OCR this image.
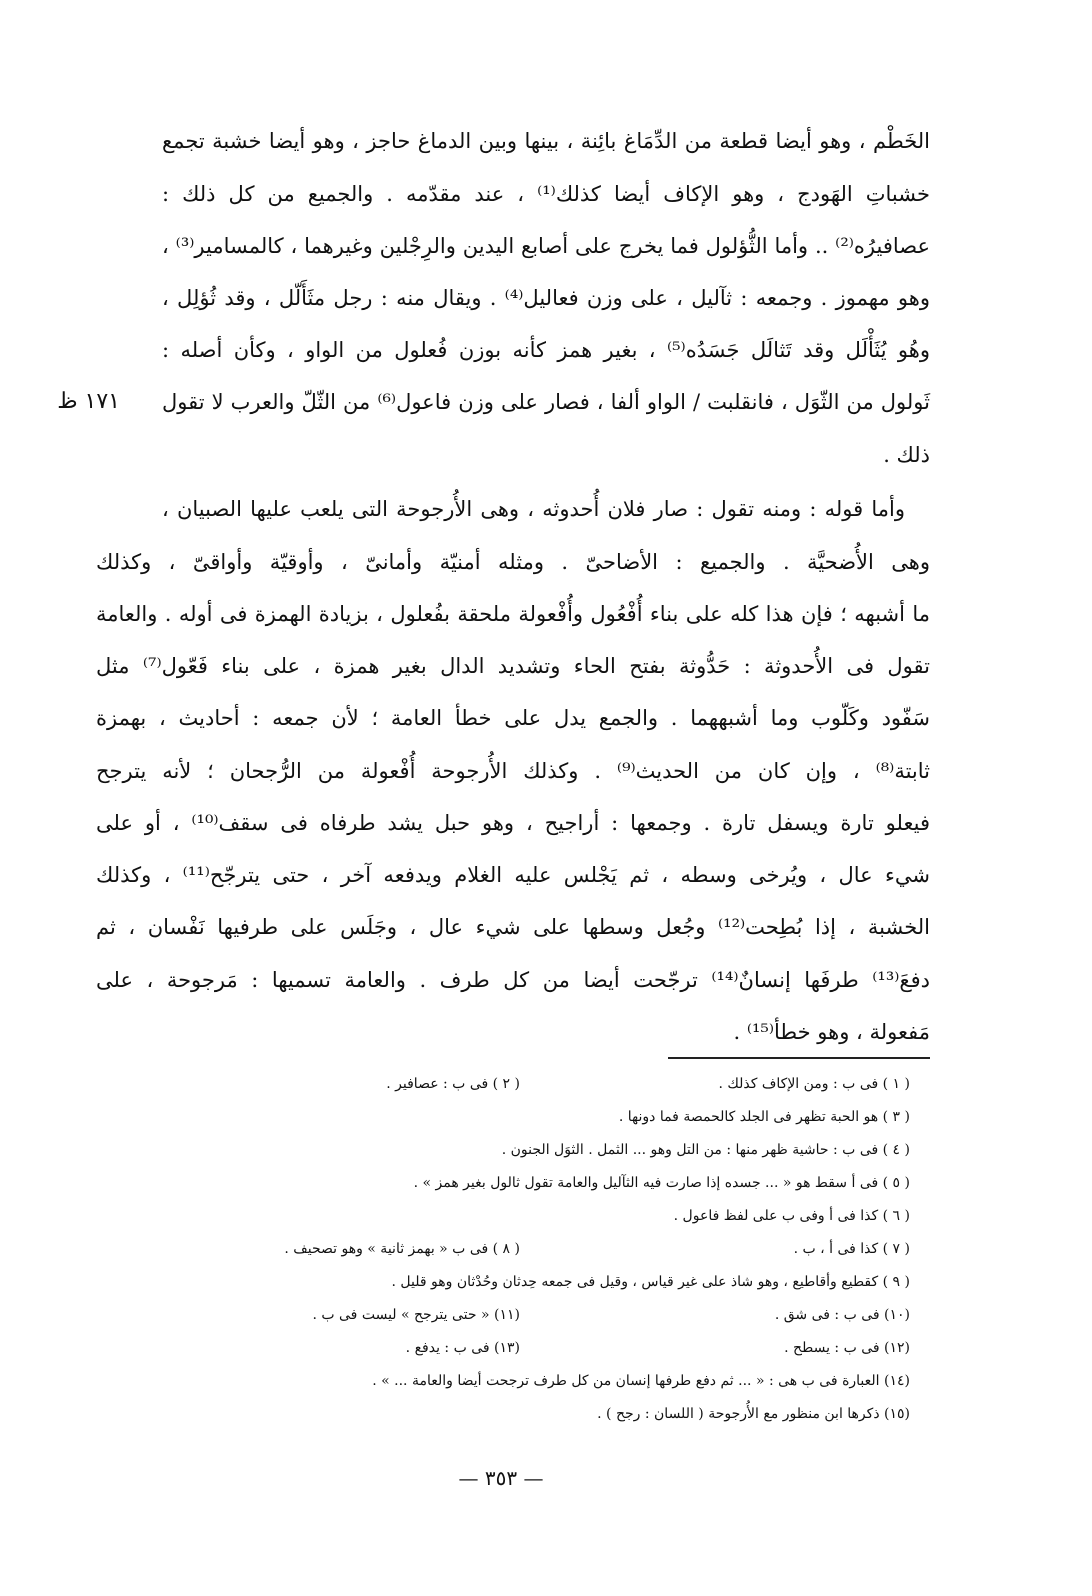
الخَطْم ، وهو أيضا قطعة من الدِّمَاغ بائِنة ، بينها وبين الدماغ حاجز ، وهو أيضا خشبة تجمع
خشباتِ الهَودج ، وهو الإكاف أيضا كذلك⁽¹⁾ ، عند مقدّمه . والجميع من كل ذلك :
عصافيرُه⁽²⁾ .. وأما الثُّؤلول فما يخرج على أصابع اليدين والرِجْلين وغيرهما ، كالمسامير⁽³⁾ ،
وهو مهموز . وجمعه : ثآليل ، على وزن فعاليل⁽⁴⁾ . ويقال منه : رجل مثَأَلّل ، وقد ثُؤلِل ،
وهُو يُثَأْلَل وقد تَثالَل جَسَدُه⁽⁵⁾ ، بغير همز كأنه بوزن فُعلول من الواو ، وكأن أصله :
ثَولول من الثّوَل ، فانقلبت / الواو ألفا ، فصار على وزن فاعول⁽⁶⁾ من الثّلّ والعرب لا تقول
١٧١ ظ
ذلك .
وأما قوله : ومنه تقول : صار فلان أُحدوثه ، وهى الأُرجوحة التى يلعب عليها الصبيان ،
وهى الأُضحيَّة . والجميع : الأضاحىّ . ومثله أمنيّة وأمانىّ ، وأوقيّة وأواقىّ ، وكذلك
ما أشبهه ؛ فإن هذا كله على بناء أُفْعُول وأُفْعولة ملحقة بفُعلول ، بزيادة الهمزة فى أوله . والعامة
تقول فى الأُحدوثة : حَدُّوثة بفتح الحاء وتشديد الدال بغير همزة ، على بناء فَعّول⁽⁷⁾ مثل
سَفّود وكَلّوب وما أشبههما . والجمع يدل على خطأ العامة ؛ لأن جمعه : أحاديث ، بهمزة
ثابتة⁽⁸⁾ ، وإن كان من الحديث⁽⁹⁾ . وكذلك الأُرجوحة أُفْعولة من الرُّجحان ؛ لأنه يترجح
فيعلو تارة ويسفل تارة . وجمعها : أراجيح ، وهو حبل يشد طرفاه فى سقف⁽¹⁰⁾ ، أو على
شيء عال ، ويُرخى وسطه ، ثم يَجْلس عليه الغلام ويدفعه آخر ، حتى يترجّح⁽¹¹⁾ ، وكذلك
الخشبة ، إذا بُطِحت⁽¹²⁾ وجُعل وسطها على شيء عال ، وجَلَس على طرفيها نَفْسان ، ثم
دفعَ⁽¹³⁾ طرفَها إنسانٌ⁽¹⁴⁾ ترجّحت أيضا من كل طرف . والعامة تسميها : مَرجوحة ، على
مَفعولة ، وهو خطأ⁽¹⁵⁾ .
( ١ ) فى ب : ومن الإكاف كذلك .
( ٢ ) فى ب : عصافير .
( ٣ ) هو الحبة تظهر فى الجلد كالحمصة فما دونها .
( ٤ ) فى ب : حاشية ظهر منها : من التل وهو ... الثمل . الثوَل الجنون .
( ٥ ) فى أ سقط هو « ... جسده إذا صارت فيه الثآليل والعامة تقول ثالول بغير همز » .
( ٦ ) كذا فى أ وفى ب على لفظ فاعول .
( ٧ ) كذا فى أ ، ب .
( ٨ ) فى ب « بهمز ثانية » وهو تصحيف .
( ٩ ) كقطيع وأقاطيع ، وهو شاذ على غير قياس ، وقيل فى جمعه حِدثان وحُدْثان وهو قليل .
(١٠) فى ب : فى شق .
(١١) « حتى يترجح » ليست فى ب .
(١٢) فى ب : يسطح .
(١٣) فى ب : يدفع .
(١٤) العبارة فى ب هى : « ... ثم دفع طرفها إنسان من كل طرف ترجحت أيضا والعامة ... » .
(١٥) ذكرها ابن منظور مع الأُرجوحة ( اللسان : رجح ) .
— ٣٥٣ —
